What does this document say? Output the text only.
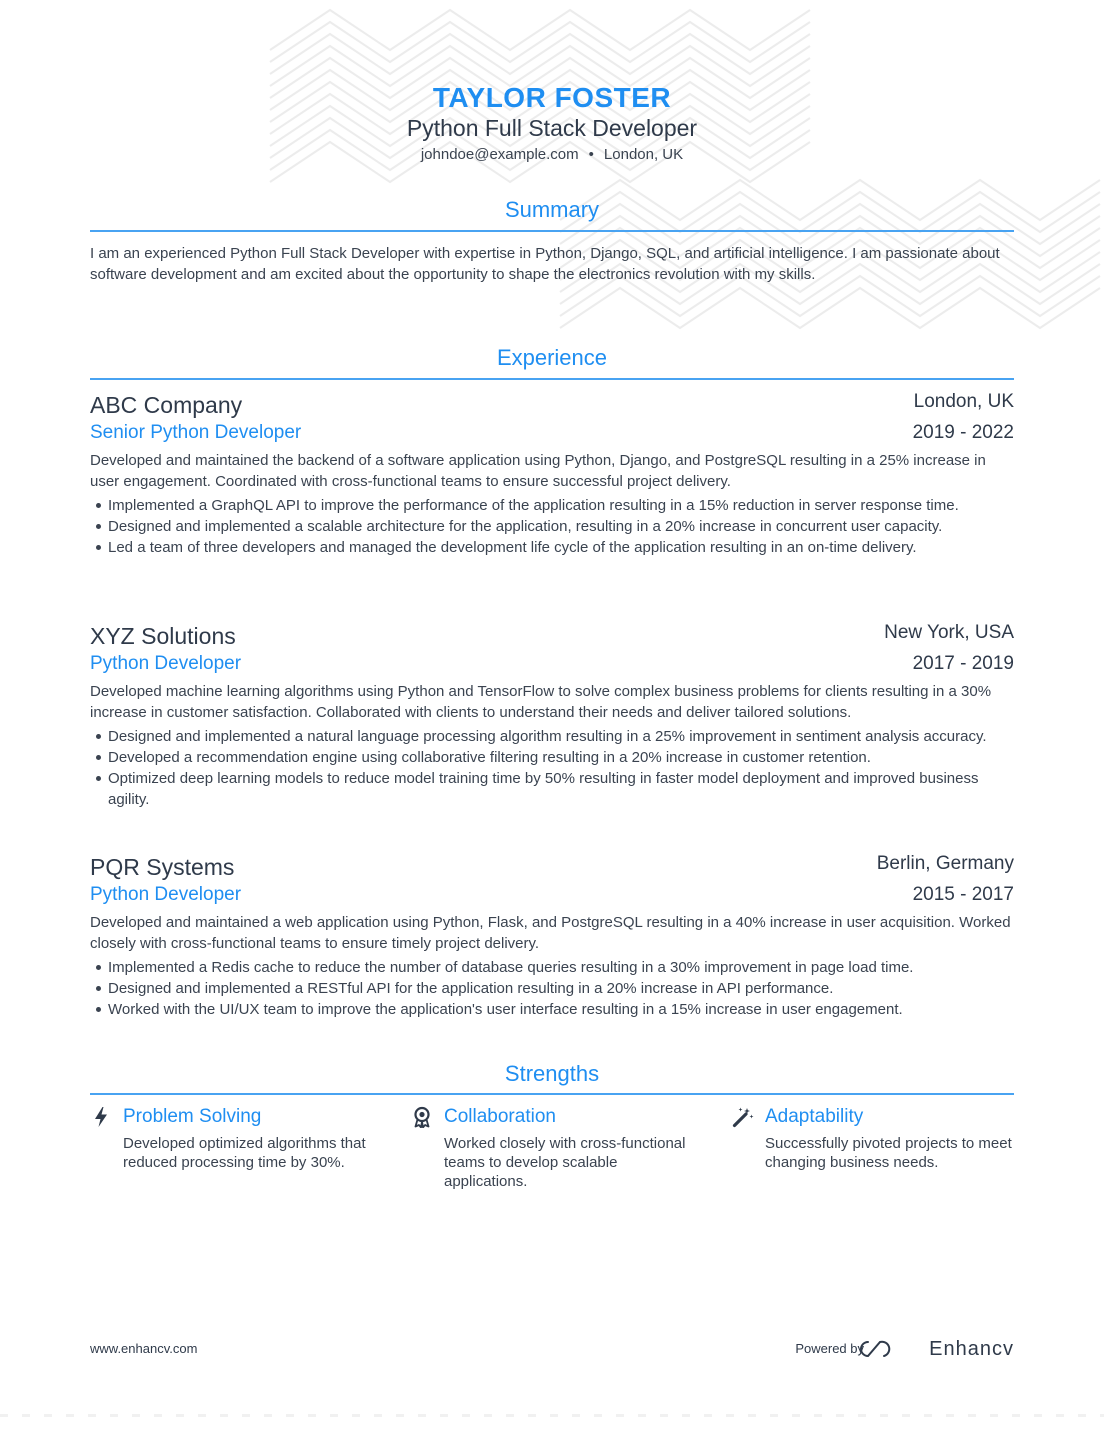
TAYLOR FOSTER
Python Full Stack Developer
johndoe@example.com • London, UK
Summary

I am an experienced Python Full Stack Developer with expertise in Python, Django, SQL, and artificial intelligence. I am passionate about software development and am excited about the opportunity to shape the electronics revolution with my skills.

Experience
ABC Company	London, UK
Senior Python Developer	2019 - 2022

Developed and maintained the backend of a software application using Python, Django, and PostgreSQL resulting in a 25% increase in user engagement. Coordinated with cross-functional teams to ensure successful project delivery.

Implemented a GraphQL API to improve the performance of the application resulting in a 15% reduction in server response time.
Designed and implemented a scalable architecture for the application, resulting in a 20% increase in concurrent user capacity.
Led a team of three developers and managed the development life cycle of the application resulting in an on-time delivery.
XYZ Solutions	New York, USA
Python Developer	2017 - 2019

Developed machine learning algorithms using Python and TensorFlow to solve complex business problems for clients resulting in a 30% increase in customer satisfaction. Collaborated with clients to understand their needs and deliver tailored solutions.

Designed and implemented a natural language processing algorithm resulting in a 25% improvement in sentiment analysis accuracy.
Developed a recommendation engine using collaborative filtering resulting in a 20% increase in customer retention.
Optimized deep learning models to reduce model training time by 50% resulting in faster model deployment and improved business agility.
PQR Systems	Berlin, Germany
Python Developer	2015 - 2017

Developed and maintained a web application using Python, Flask, and PostgreSQL resulting in a 40% increase in user acquisition. Worked closely with cross-functional teams to ensure timely project delivery.

Implemented a Redis cache to reduce the number of database queries resulting in a 30% improvement in page load time.
Designed and implemented a RESTful API for the application resulting in a 20% increase in API performance.
Worked with the UI/UX team to improve the application's user interface resulting in a 15% increase in user engagement.
Strengths
Problem Solving
Developed optimized algorithms that reduced processing time by 30%.
Collaboration
Worked closely with cross-functional teams to develop scalable applications.
Adaptability
Successfully pivoted projects to meet changing business needs.
www.enhancv.com	Powered by	Enhancv
